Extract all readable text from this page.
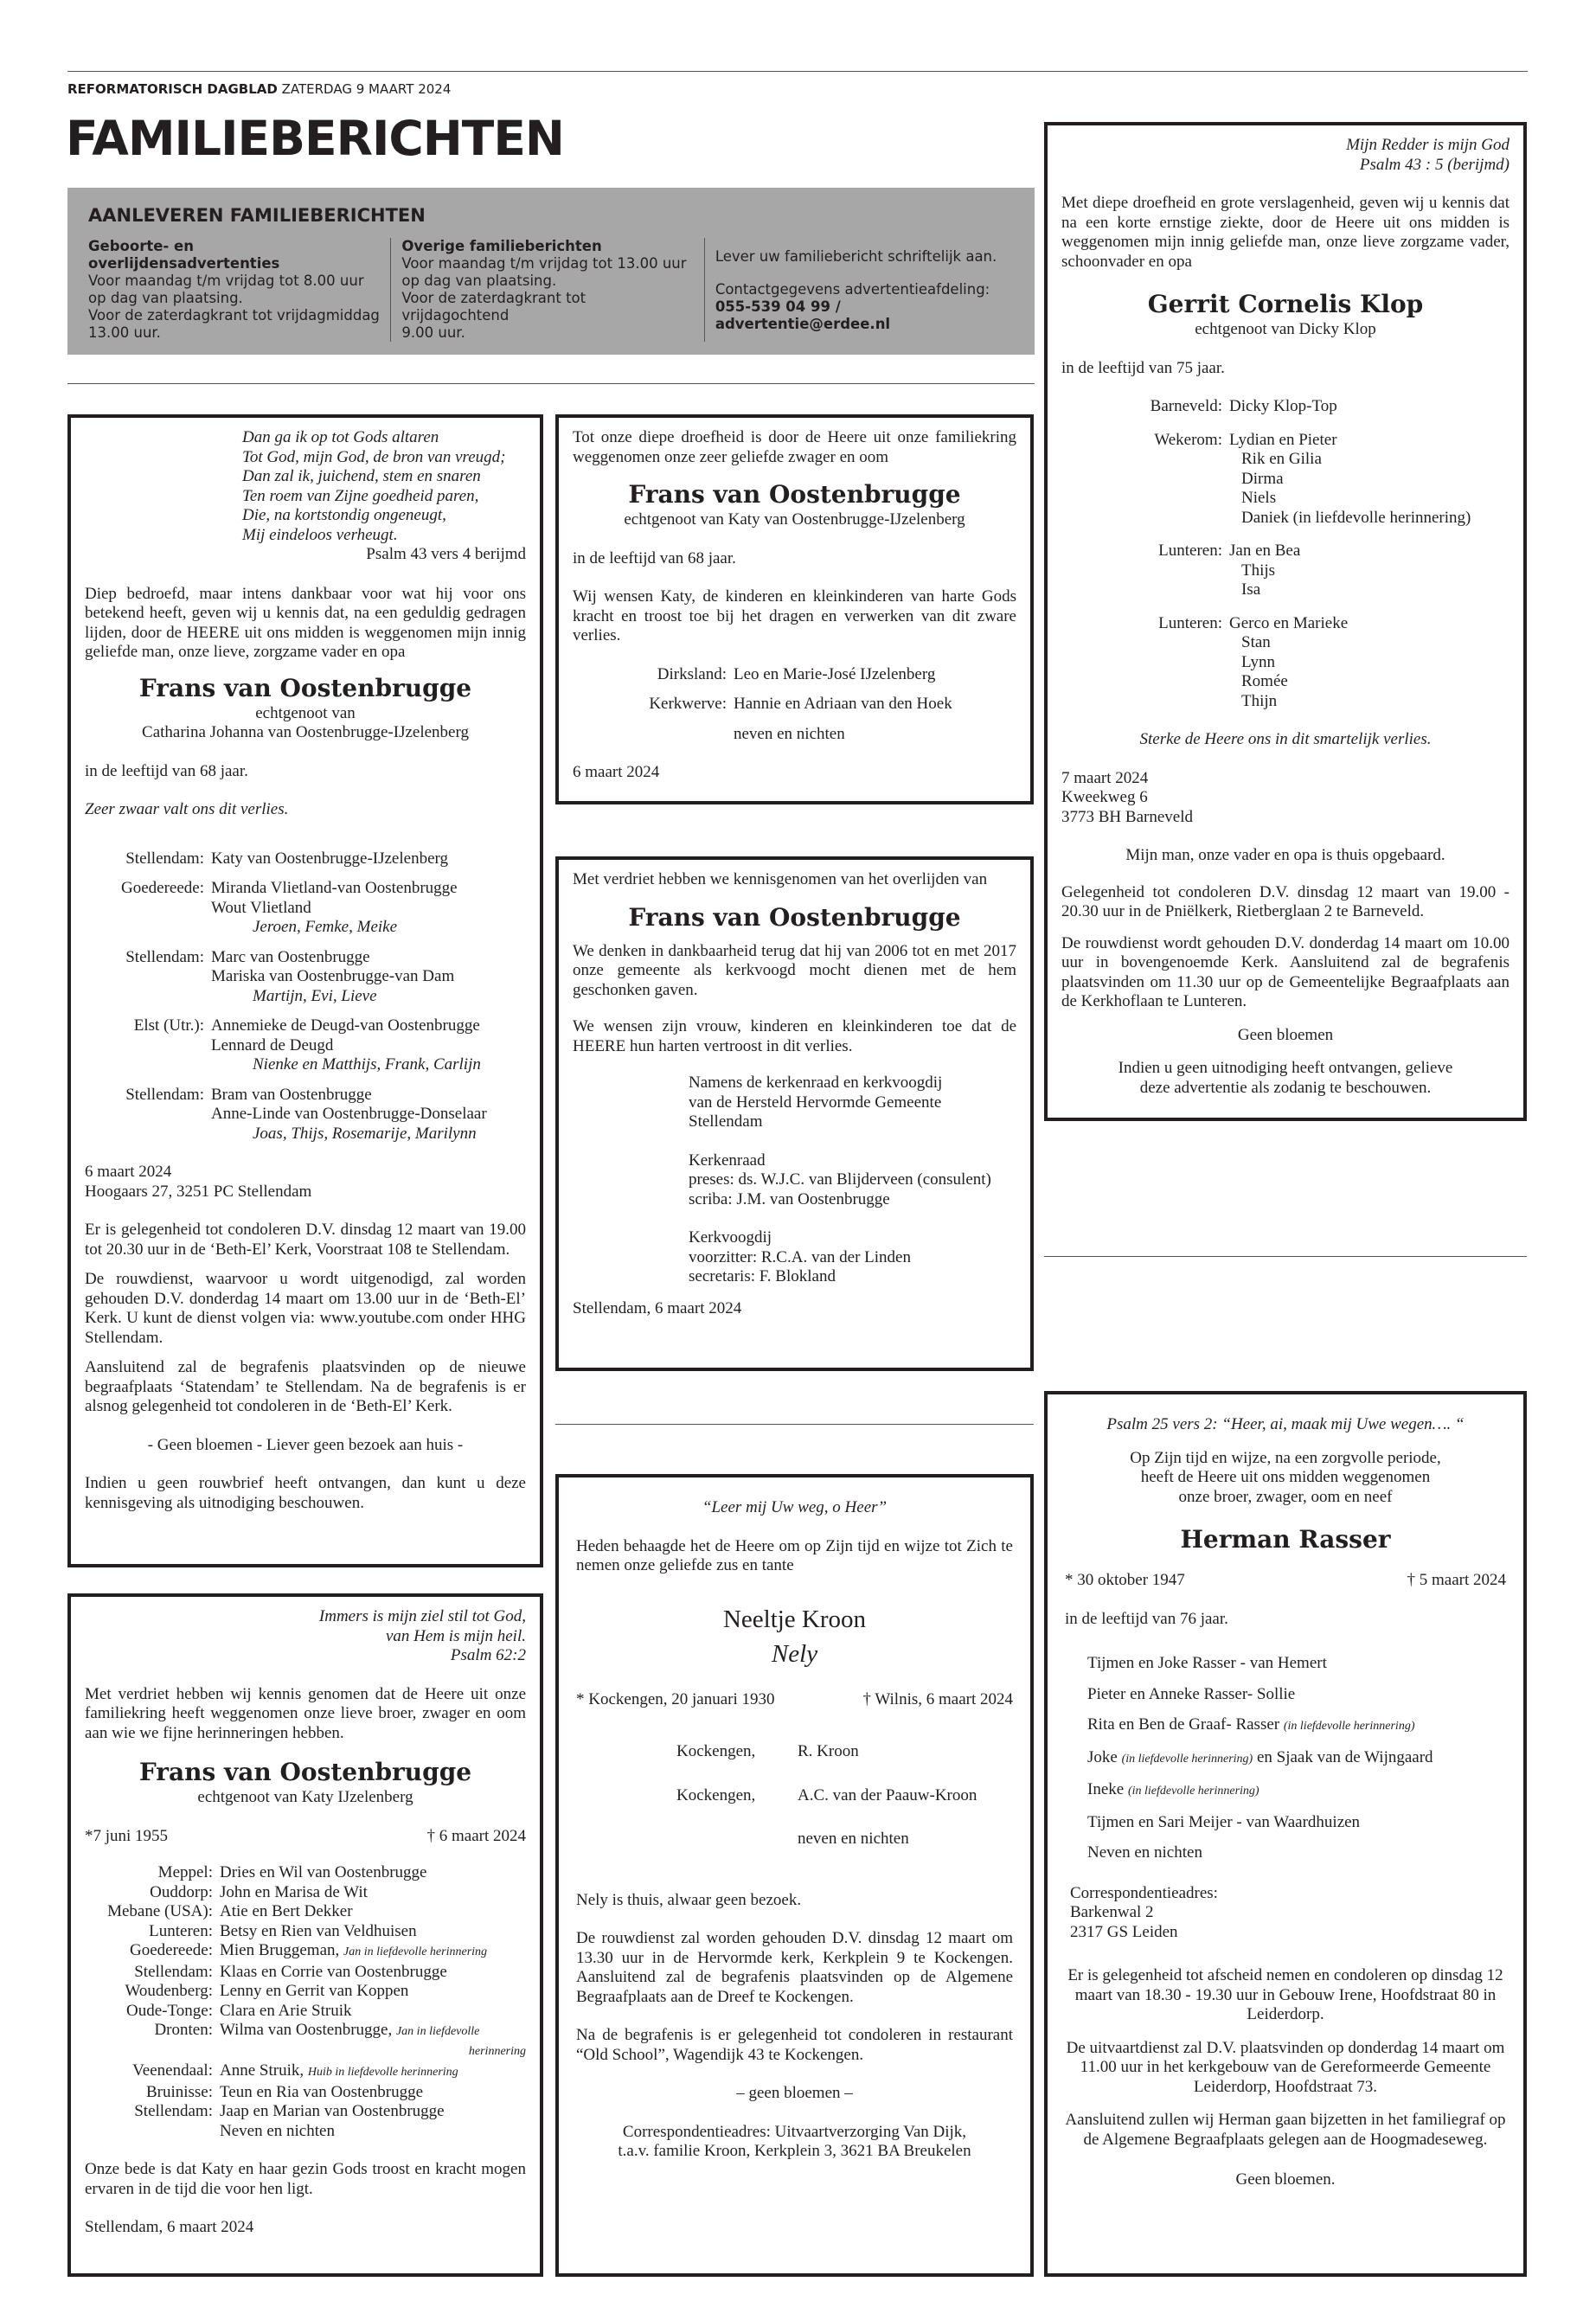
REFORMATORISCH DAGBLAD ZATERDAG 9 MAART 2024
FAMILIEBERICHTEN
AANLEVEREN FAMILIEBERICHTEN
Geboorte- en overlijdensadvertenties
Voor maandag t/m vrijdag tot 8.00 uur
op dag van plaatsing.
Voor de zaterdagkrant tot vrijdagmiddag
13.00 uur.
Overige familieberichten
Voor maandag t/m vrijdag tot 13.00 uur
op dag van plaatsing.
Voor de zaterdagkrant tot vrijdagochtend
9.00 uur.
Lever uw familiebericht schriftelijk aan.
Contactgegevens advertentieafdeling:
055-539 04 99 / advertentie@erdee.nl

Dan ga ik op tot Gods altaren

Tot God, mijn God, de bron van vreugd;

Dan zal ik, juichend, stem en snaren

Ten roem van Zijne goedheid paren,

Die, na kortstondig ongeneugt,

Mij eindeloos verheugt.

Psalm 43 vers 4 berijmd

Diep bedroefd, maar intens dankbaar voor wat hij voor ons betekend heeft, geven wij u kennis dat, na een geduldig gedragen lijden, door de HEERE uit ons midden is weggenomen mijn innig geliefde man, onze lieve, zorgzame vader en opa

Frans van Oostenbrugge

echtgenoot van

Catharina Johanna van Oostenbrugge-IJzelenberg

in de leeftijd van 68 jaar.

Zeer zwaar valt ons dit verlies.

Stellendam: Katy van Oostenbrugge-IJzelenberg
Goedereede: Miranda Vlietland-van Oostenbrugge
Wout Vlietland
Jeroen, Femke, Meike
Stellendam: Marc van Oostenbrugge
Mariska van Oostenbrugge-van Dam
Martijn, Evi, Lieve
Elst (Utr.): Annemieke de Deugd-van Oostenbrugge
Lennard de Deugd
Nienke en Matthijs, Frank, Carlijn
Stellendam: Bram van Oostenbrugge
Anne-Linde van Oostenbrugge-Donselaar
Joas, Thijs, Rosemarije, Marilynn

6 maart 2024

Hoogaars 27, 3251 PC Stellendam

Er is gelegenheid tot condoleren D.V. dinsdag 12 maart van 19.00 tot 20.30 uur in de ‘Beth-El’ Kerk, Voorstraat 108 te Stellendam.

De rouwdienst, waarvoor u wordt uitgenodigd, zal worden gehouden D.V. donderdag 14 maart om 13.00 uur in de ‘Beth-El’ Kerk. U kunt de dienst volgen via: www.youtube.com onder HHG Stellendam.

Aansluitend zal de begrafenis plaatsvinden op de nieuwe begraafplaats ‘Statendam’ te Stellendam. Na de begrafenis is er alsnog gelegenheid tot condoleren in de ‘Beth-El’ Kerk.

- Geen bloemen - Liever geen bezoek aan huis -

Indien u geen rouwbrief heeft ontvangen, dan kunt u deze kennisgeving als uitnodiging beschouwen.

Immers is mijn ziel stil tot God,

van Hem is mijn heil.

Psalm 62:2

Met verdriet hebben wij kennis genomen dat de Heere uit onze familiekring heeft weggenomen onze lieve broer, zwager en oom aan wie we fijne herinneringen hebben.

Frans van Oostenbrugge

echtgenoot van Katy IJzelenberg

*7 juni 1955	† 6 maart 2024

Meppel: Dries en Wil van Oostenbrugge
Ouddorp: John en Marisa de Wit
Mebane (USA): Atie en Bert Dekker
Lunteren: Betsy en Rien van Veldhuisen
Goedereede: Mien Bruggeman, Jan in liefdevolle herinnering
Stellendam: Klaas en Corrie van Oostenbrugge
Woudenberg: Lenny en Gerrit van Koppen
Oude-Tonge: Clara en Arie Struik
Dronten: Wilma van Oostenbrugge, Jan in liefdevolle
herinnering
Veenendaal: Anne Struik, Huib in liefdevolle herinnering
Bruinisse: Teun en Ria van Oostenbrugge
Stellendam: Jaap en Marian van Oostenbrugge
Neven en nichten

Onze bede is dat Katy en haar gezin Gods troost en kracht mogen ervaren in de tijd die voor hen ligt.

Stellendam, 6 maart 2024

Tot onze diepe droefheid is door de Heere uit onze familiekring weggenomen onze zeer geliefde zwager en oom

Frans van Oostenbrugge

echtgenoot van Katy van Oostenbrugge-IJzelenberg

in de leeftijd van 68 jaar.

Wij wensen Katy, de kinderen en kleinkinderen van harte Gods kracht en troost toe bij het dragen en verwerken van dit zware verlies.

Dirksland: Leo en Marie-José IJzelenberg
Kerkwerve: Hannie en Adriaan van den Hoek

neven en nichten

6 maart 2024

Met verdriet hebben we kennisgenomen van het overlijden van

Frans van Oostenbrugge

We denken in dankbaarheid terug dat hij van 2006 tot en met 2017 onze gemeente als kerkvoogd mocht dienen met de hem geschonken gaven.

We wensen zijn vrouw, kinderen en kleinkinderen toe dat de HEERE hun harten vertroost in dit verlies.

Namens de kerkenraad en kerkvoogdij

van de Hersteld Hervormde Gemeente

Stellendam

Kerkenraad

preses: ds. W.J.C. van Blijderveen (consulent)

scriba: J.M. van Oostenbrugge

Kerkvoogdij

voorzitter: R.C.A. van der Linden

secretaris: F. Blokland

Stellendam, 6 maart 2024

“Leer mij Uw weg, o Heer”

Heden behaagde het de Heere om op Zijn tijd en wijze tot Zich te nemen onze geliefde zus en tante

Neeltje Kroon

Nely

* Kockengen, 20 januari 1930	† Wilnis, 6 maart 2024

Kockengen,	R. Kroon
Kockengen,	A.C. van der Paauw-Kroon

neven en nichten

Nely is thuis, alwaar geen bezoek.

De rouwdienst zal worden gehouden D.V. dinsdag 12 maart om 13.30 uur in de Hervormde kerk, Kerkplein 9 te Kockengen. Aansluitend zal de begrafenis plaatsvinden op de Algemene Begraafplaats aan de Dreef te Kockengen.

Na de begrafenis is er gelegenheid tot condoleren in restaurant “Old School”, Wagendijk 43 te Kockengen.

– geen bloemen –

Correspondentieadres: Uitvaartverzorging Van Dijk,

t.a.v. familie Kroon, Kerkplein 3, 3621 BA Breukelen

Mijn Redder is mijn God

Psalm 43 : 5 (berijmd)

Met diepe droefheid en grote verslagenheid, geven wij u kennis dat na een korte ernstige ziekte, door de Heere uit ons midden is weggenomen mijn innig geliefde man, onze lieve zorgzame vader, schoonvader en opa

Gerrit Cornelis Klop

echtgenoot van Dicky Klop

in de leeftijd van 75 jaar.

Barneveld: Dicky Klop-Top
Wekerom: Lydian en Pieter
Rik en Gilia
Dirma
Niels
Daniek (in liefdevolle herinnering)
Lunteren: Jan en Bea
Thijs
Isa
Lunteren: Gerco en Marieke
Stan
Lynn
Romée
Thijn

Sterke de Heere ons in dit smartelijk verlies.

7 maart 2024

Kweekweg 6

3773 BH Barneveld

Mijn man, onze vader en opa is thuis opgebaard.

Gelegenheid tot condoleren D.V. dinsdag 12 maart van 19.00 - 20.30 uur in de Pniëlkerk, Rietberglaan 2 te Barneveld.

De rouwdienst wordt gehouden D.V. donderdag 14 maart om 10.00 uur in bovengenoemde Kerk. Aansluitend zal de begrafenis plaatsvinden om 11.30 uur op de Gemeentelijke Begraafplaats aan de Kerkhoflaan te Lunteren.

Geen bloemen

Indien u geen uitnodiging heeft ontvangen, gelieve

deze advertentie als zodanig te beschouwen.

Psalm 25 vers 2: “Heer, ai, maak mij Uwe wegen…. “

Op Zijn tijd en wijze, na een zorgvolle periode,

heeft de Heere uit ons midden weggenomen

onze broer, zwager, oom en neef

Herman Rasser

* 30 oktober 1947	† 5 maart 2024

in de leeftijd van 76 jaar.

Tijmen en Joke Rasser - van Hemert
Pieter en Anneke Rasser- Sollie
Rita en Ben de Graaf- Rasser (in liefdevolle herinnering)
Joke (in liefdevolle herinnering) en Sjaak van de Wijngaard
Ineke (in liefdevolle herinnering)
Tijmen en Sari Meijer - van Waardhuizen
Neven en nichten

Correspondentieadres:

Barkenwal 2

2317 GS Leiden

Er is gelegenheid tot afscheid nemen en condoleren op dinsdag 12 maart van 18.30 - 19.30 uur in Gebouw Irene, Hoofdstraat 80 in Leiderdorp.

De uitvaartdienst zal D.V. plaatsvinden op donderdag 14 maart om 11.00 uur in het kerkgebouw van de Gereformeerde Gemeente Leiderdorp, Hoofdstraat 73.

Aansluitend zullen wij Herman gaan bijzetten in het familiegraf op de Algemene Begraafplaats gelegen aan de Hoogmadeseweg.

Geen bloemen.
